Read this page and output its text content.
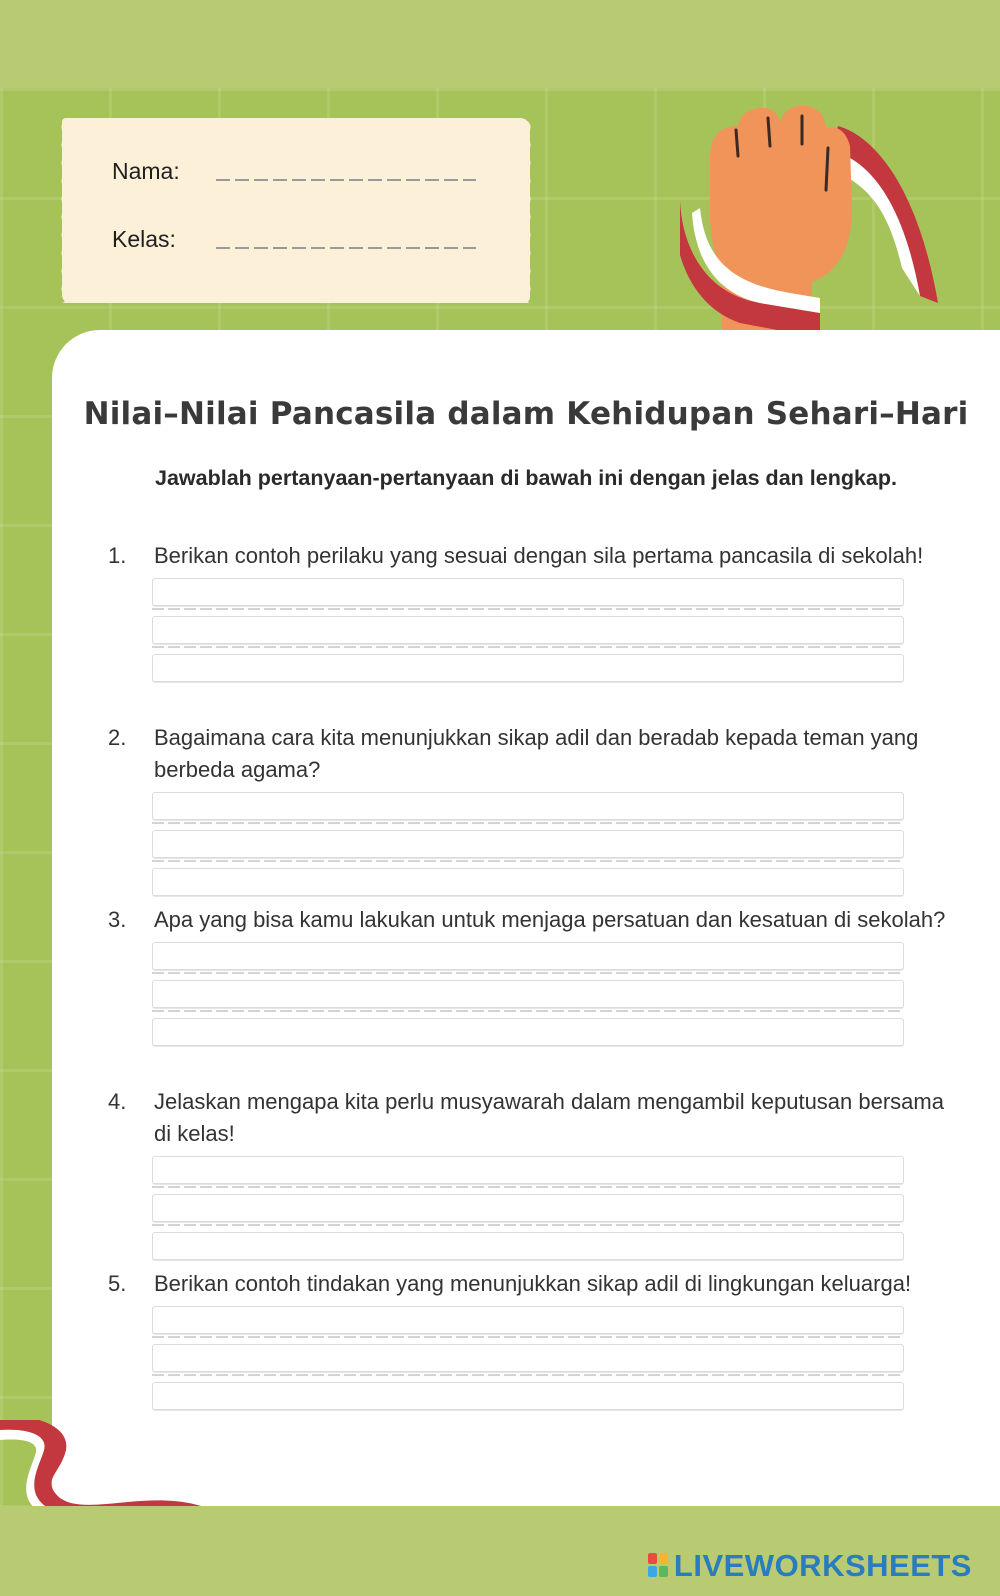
Nama:
Kelas:
Nilai–Nilai Pancasila dalam Kehidupan Sehari–Hari
Jawablah pertanyaan-pertanyaan di bawah ini dengan jelas dan lengkap.
1.	Berikan contoh perilaku yang sesuai dengan sila pertama pancasila di sekolah!
2.	Bagaimana cara kita menunjukkan sikap adil dan beradab kepada teman yang berbeda agama?
3.	Apa yang bisa kamu lakukan untuk menjaga persatuan dan kesatuan di sekolah?
4.	Jelaskan mengapa kita perlu musyawarah dalam mengambil keputusan bersama di kelas!
5.	Berikan contoh tindakan yang menunjukkan sikap adil di lingkungan keluarga!
LIVEWORKSHEETS
